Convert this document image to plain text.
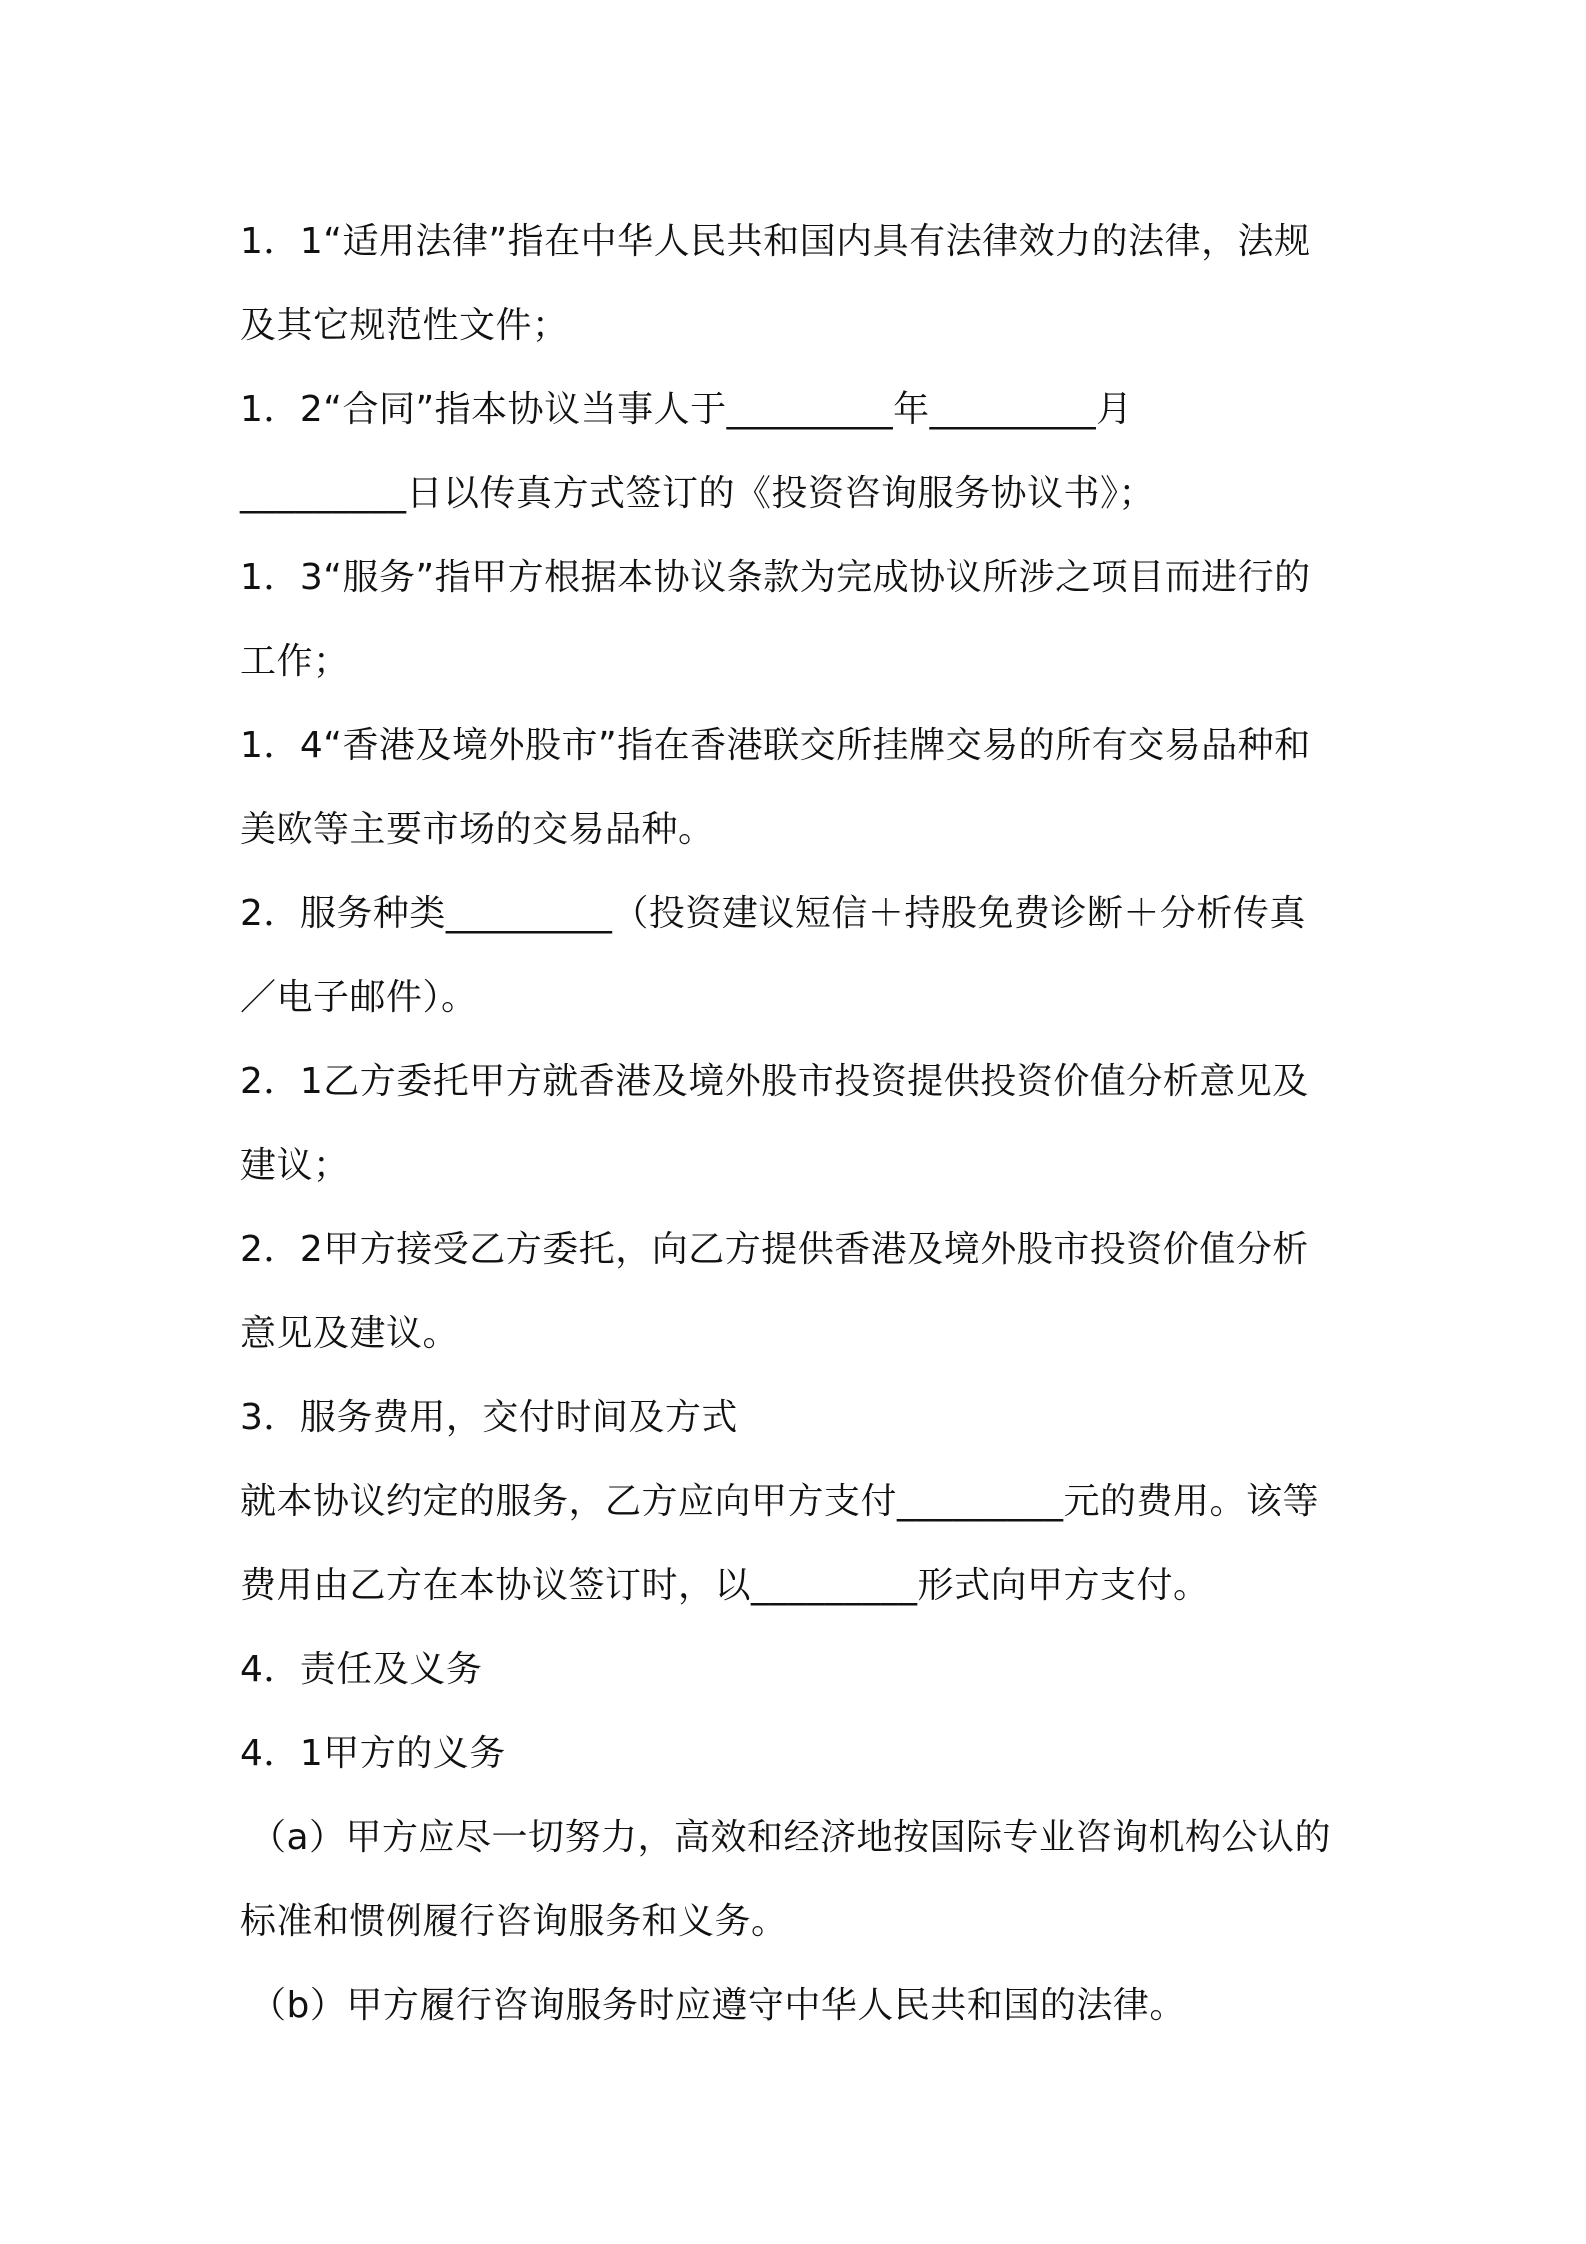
1．1“适用法律”指在中华人民共和国内具有法律效力的法律，法规
及其它规范性文件；
1．2“合同”指本协议当事人于_________年_________月
_________日以传真方式签订的《投资咨询服务协议书》；
1．3“服务”指甲方根据本协议条款为完成协议所涉之项目而进行的
工作；
1．4“香港及境外股市”指在香港联交所挂牌交易的所有交易品种和
美欧等主要市场的交易品种。
2．服务种类_________（投资建议短信＋持股免费诊断＋分析传真
／电子邮件）。
2．1乙方委托甲方就香港及境外股市投资提供投资价值分析意见及
建议；
2．2甲方接受乙方委托，向乙方提供香港及境外股市投资价值分析
意见及建议。
3．服务费用，交付时间及方式
就本协议约定的服务，乙方应向甲方支付_________元的费用。该等
费用由乙方在本协议签订时，以_________形式向甲方支付。
4．责任及义务
4．1甲方的义务
（a）甲方应尽一切努力，高效和经济地按国际专业咨询机构公认的
标准和惯例履行咨询服务和义务。
（b）甲方履行咨询服务时应遵守中华人民共和国的法律。
